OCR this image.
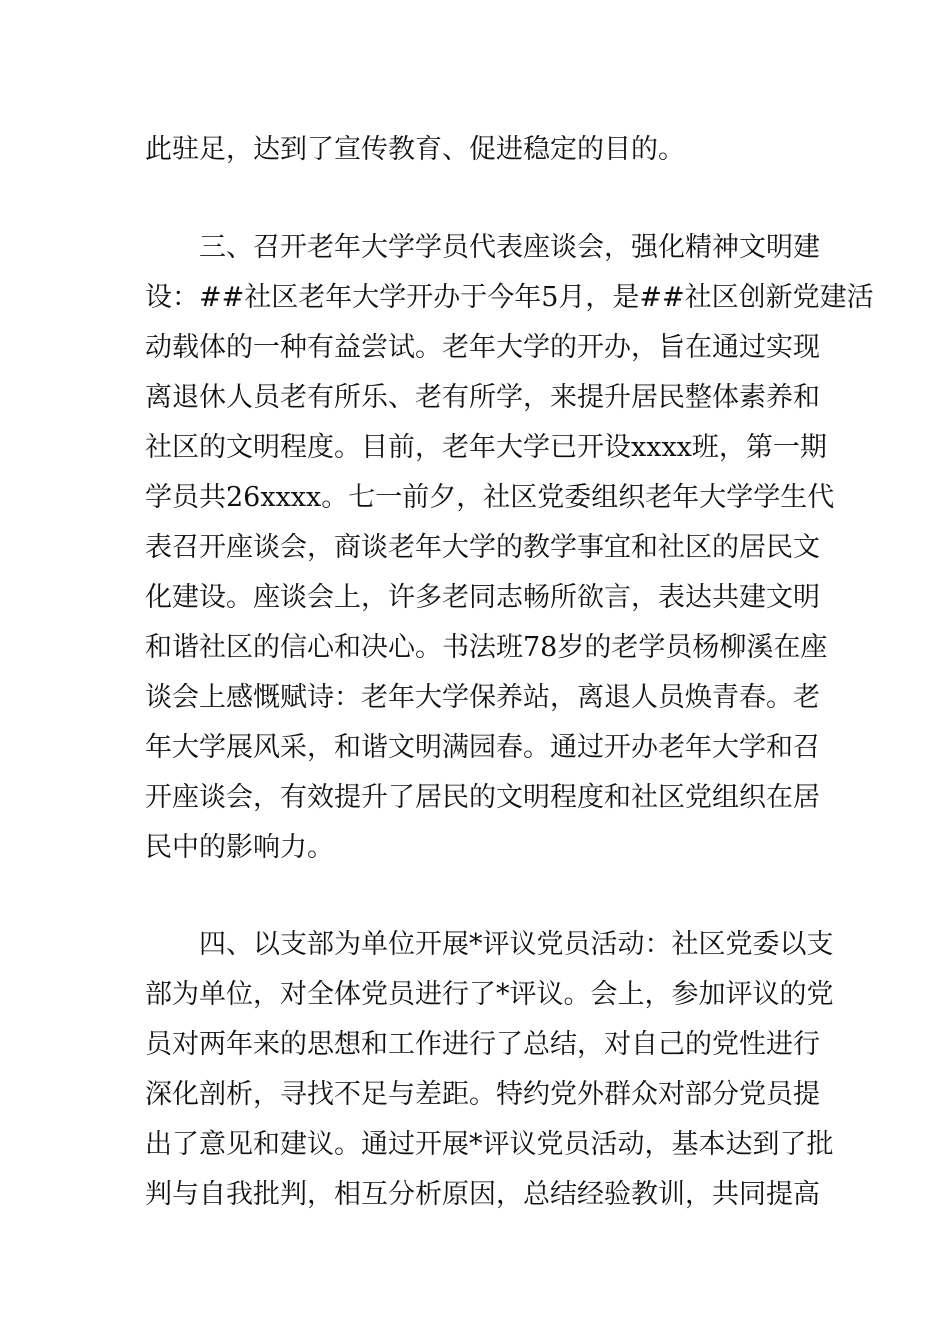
此驻足，达到了宣传教育、促进稳定的目的。
三、召开老年大学学员代表座谈会，强化精神文明建
设：##社区老年大学开办于今年5月，是##社区创新党建活
动载体的一种有益尝试。老年大学的开办，旨在通过实现
离退休人员老有所乐、老有所学，来提升居民整体素养和
社区的文明程度。目前，老年大学已开设xxxx班，第一期
学员共26xxxx。七一前夕，社区党委组织老年大学学生代
表召开座谈会，商谈老年大学的教学事宜和社区的居民文
化建设。座谈会上，许多老同志畅所欲言，表达共建文明
和谐社区的信心和决心。书法班78岁的老学员杨柳溪在座
谈会上感慨赋诗：老年大学保养站，离退人员焕青春。老
年大学展风采，和谐文明满园春。通过开办老年大学和召
开座谈会，有效提升了居民的文明程度和社区党组织在居
民中的影响力。
四、以支部为单位开展*评议党员活动：社区党委以支
部为单位，对全体党员进行了*评议。会上，参加评议的党
员对两年来的思想和工作进行了总结，对自己的党性进行
深化剖析，寻找不足与差距。特约党外群众对部分党员提
出了意见和建议。通过开展*评议党员活动，基本达到了批
判与自我批判，相互分析原因，总结经验教训，共同提高
